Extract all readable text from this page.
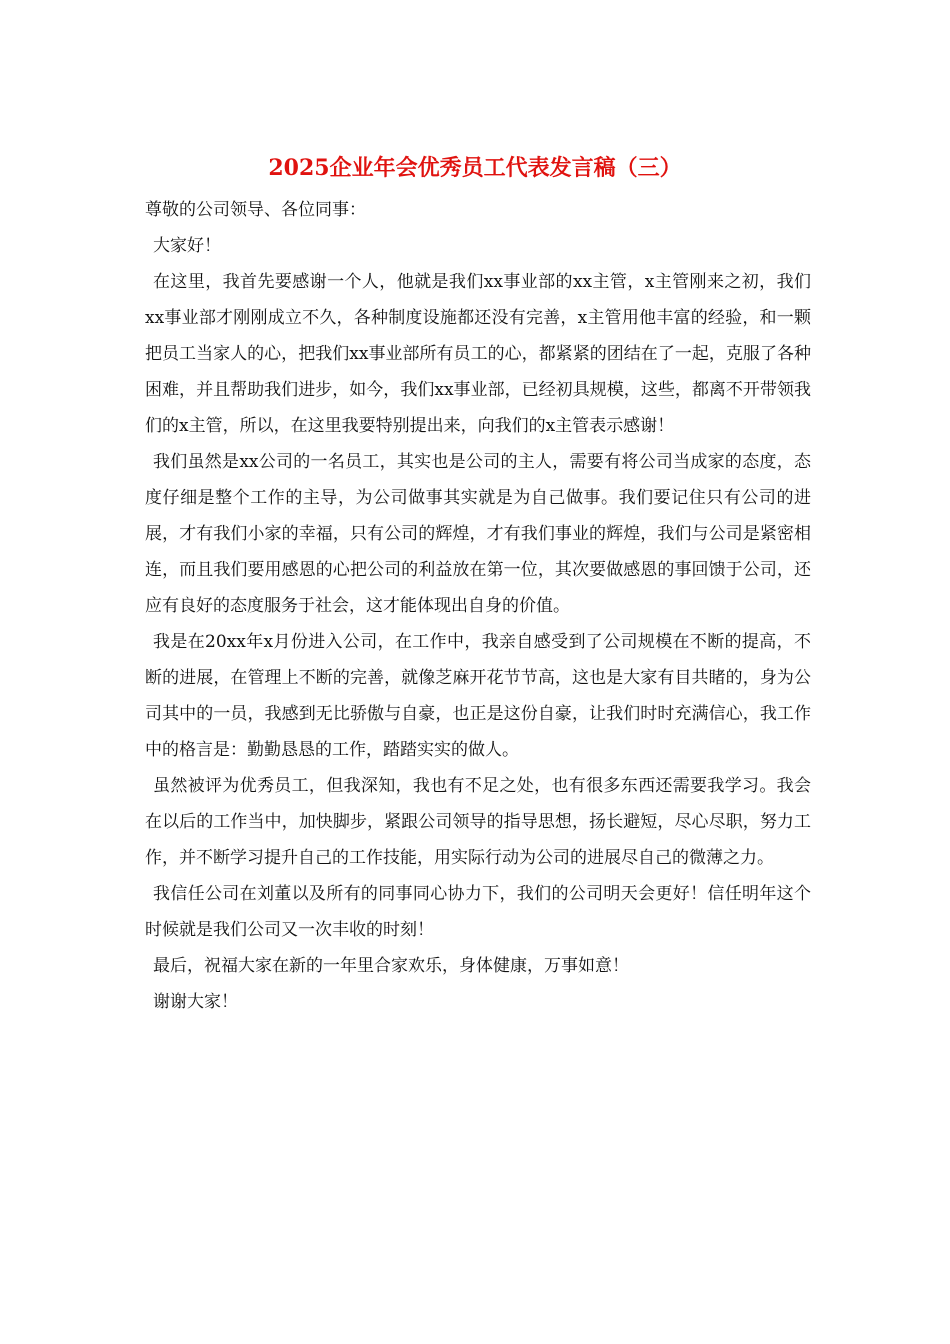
2025企业年会优秀员工代表发言稿（三）

尊敬的公司领导、各位同事：

大家好！

在这里，我首先要感谢一个人，他就是我们xx事业部的xx主管，x主管刚来之初，我们xx事业部才刚刚成立不久，各种制度设施都还没有完善，x主管用他丰富的经验，和一颗把员工当家人的心，把我们xx事业部所有员工的心，都紧紧的团结在了一起，克服了各种困难，并且帮助我们进步，如今，我们xx事业部，已经初具规模，这些，都离不开带领我们的x主管，所以，在这里我要特别提出来，向我们的x主管表示感谢！

我们虽然是xx公司的一名员工，其实也是公司的主人，需要有将公司当成家的态度，态度仔细是整个工作的主导，为公司做事其实就是为自己做事。我们要记住只有公司的进展，才有我们小家的幸福，只有公司的辉煌，才有我们事业的辉煌，我们与公司是紧密相连，而且我们要用感恩的心把公司的利益放在第一位，其次要做感恩的事回馈于公司，还应有良好的态度服务于社会，这才能体现出自身的价值。

我是在20xx年x月份进入公司，在工作中，我亲自感受到了公司规模在不断的提高，不断的进展，在管理上不断的完善，就像芝麻开花节节高，这也是大家有目共睹的，身为公司其中的一员，我感到无比骄傲与自豪，也正是这份自豪，让我们时时充满信心，我工作中的格言是：勤勤恳恳的工作，踏踏实实的做人。

虽然被评为优秀员工，但我深知，我也有不足之处，也有很多东西还需要我学习。我会在以后的工作当中，加快脚步，紧跟公司领导的指导思想，扬长避短，尽心尽职，努力工作，并不断学习提升自己的工作技能，用实际行动为公司的进展尽自己的微薄之力。

我信任公司在刘董以及所有的同事同心协力下，我们的公司明天会更好！信任明年这个时候就是我们公司又一次丰收的时刻！

最后，祝福大家在新的一年里合家欢乐，身体健康，万事如意！

谢谢大家！
